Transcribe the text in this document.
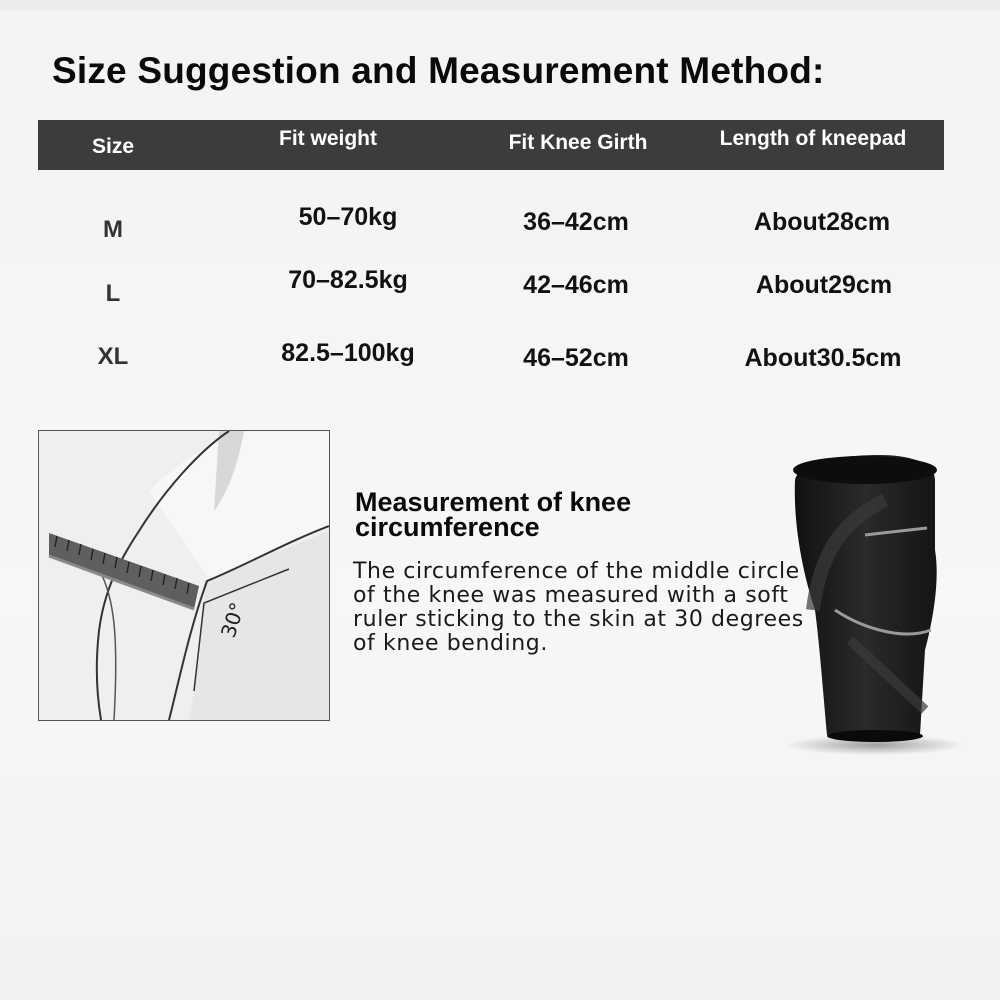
Size Suggestion and Measurement Method:
Size	Fit weight	Fit Knee Girth	Length of kneepad
M	50–70kg	36–42cm	About28cm
L	70–82.5kg	42–46cm	About29cm
XL	82.5–100kg	46–52cm	About30.5cm
30°
Measurement of knee circumference

The circumference of the middle circle of the knee was measured with a soft ruler sticking to the skin at 30 degrees of knee bending.
